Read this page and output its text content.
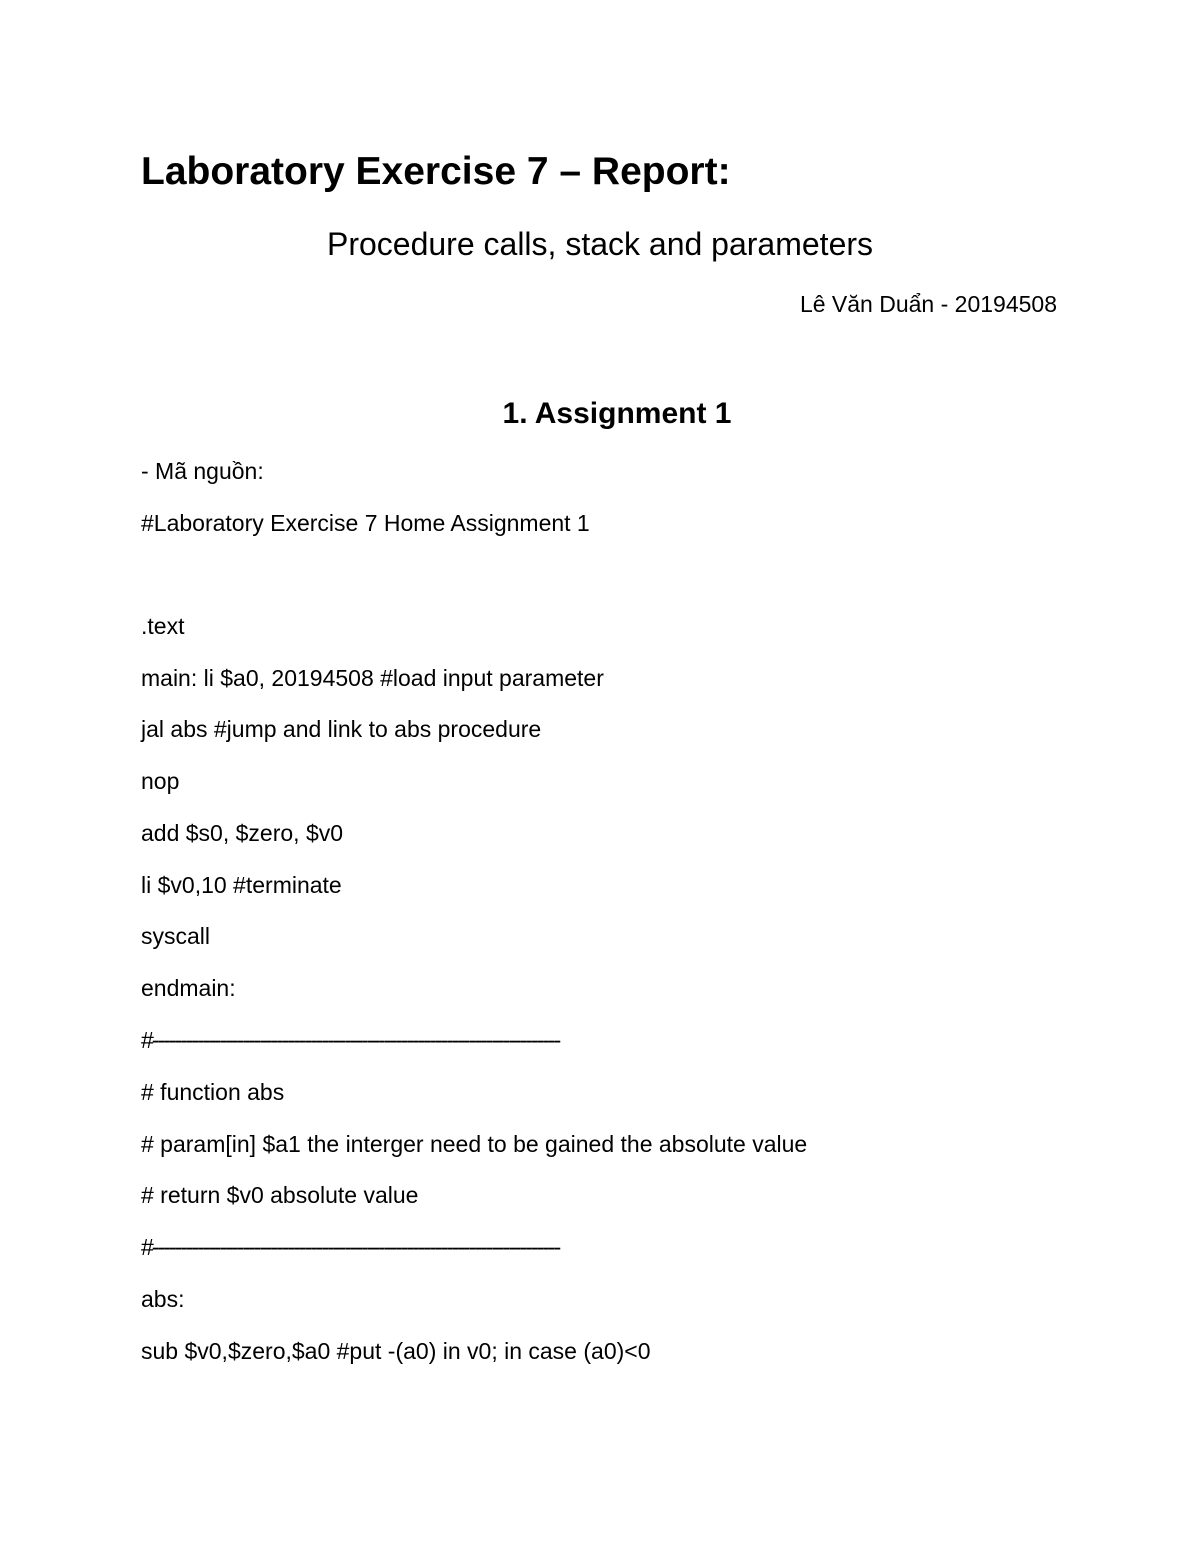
Laboratory Exercise 7 – Report:
Procedure calls, stack and parameters
Lê Văn Duẩn - 20194508
1. Assignment 1
- Mã nguồn:
#Laboratory Exercise 7 Home Assignment 1
.text
main: li $a0, 20194508 #load input parameter
jal abs #jump and link to abs procedure
nop
add $s0, $zero, $v0
li $v0,10 #terminate
syscall
endmain:
#------------------------------------------------------------------------
# function abs
# param[in] $a1 the interger need to be gained the absolute value
# return $v0 absolute value
#------------------------------------------------------------------------
abs:
sub $v0,$zero,$a0 #put -(a0) in v0; in case (a0)<0
